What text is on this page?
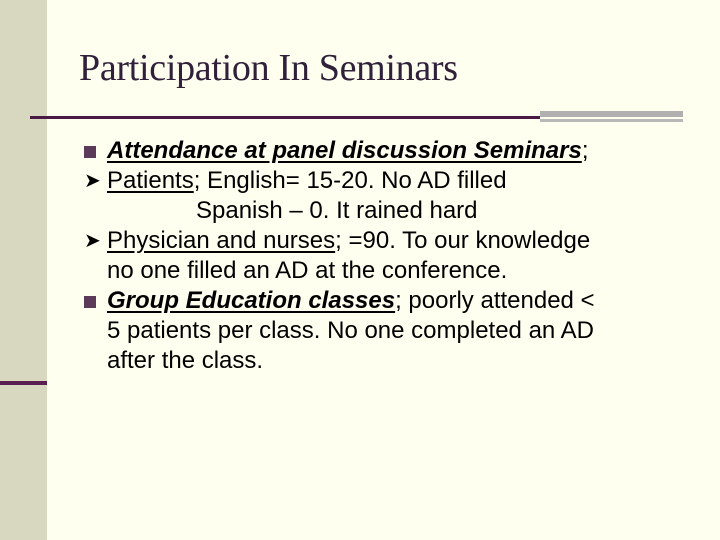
Participation In Seminars
Attendance at panel discussion Seminars;
➤ Patients; English= 15-20. No AD filled
Spanish – 0. It rained hard
➤ Physician and nurses; =90. To our knowledge
no one filled an AD at the conference.
Group Education classes; poorly attended <
5 patients per class. No one completed an AD
after the class.
